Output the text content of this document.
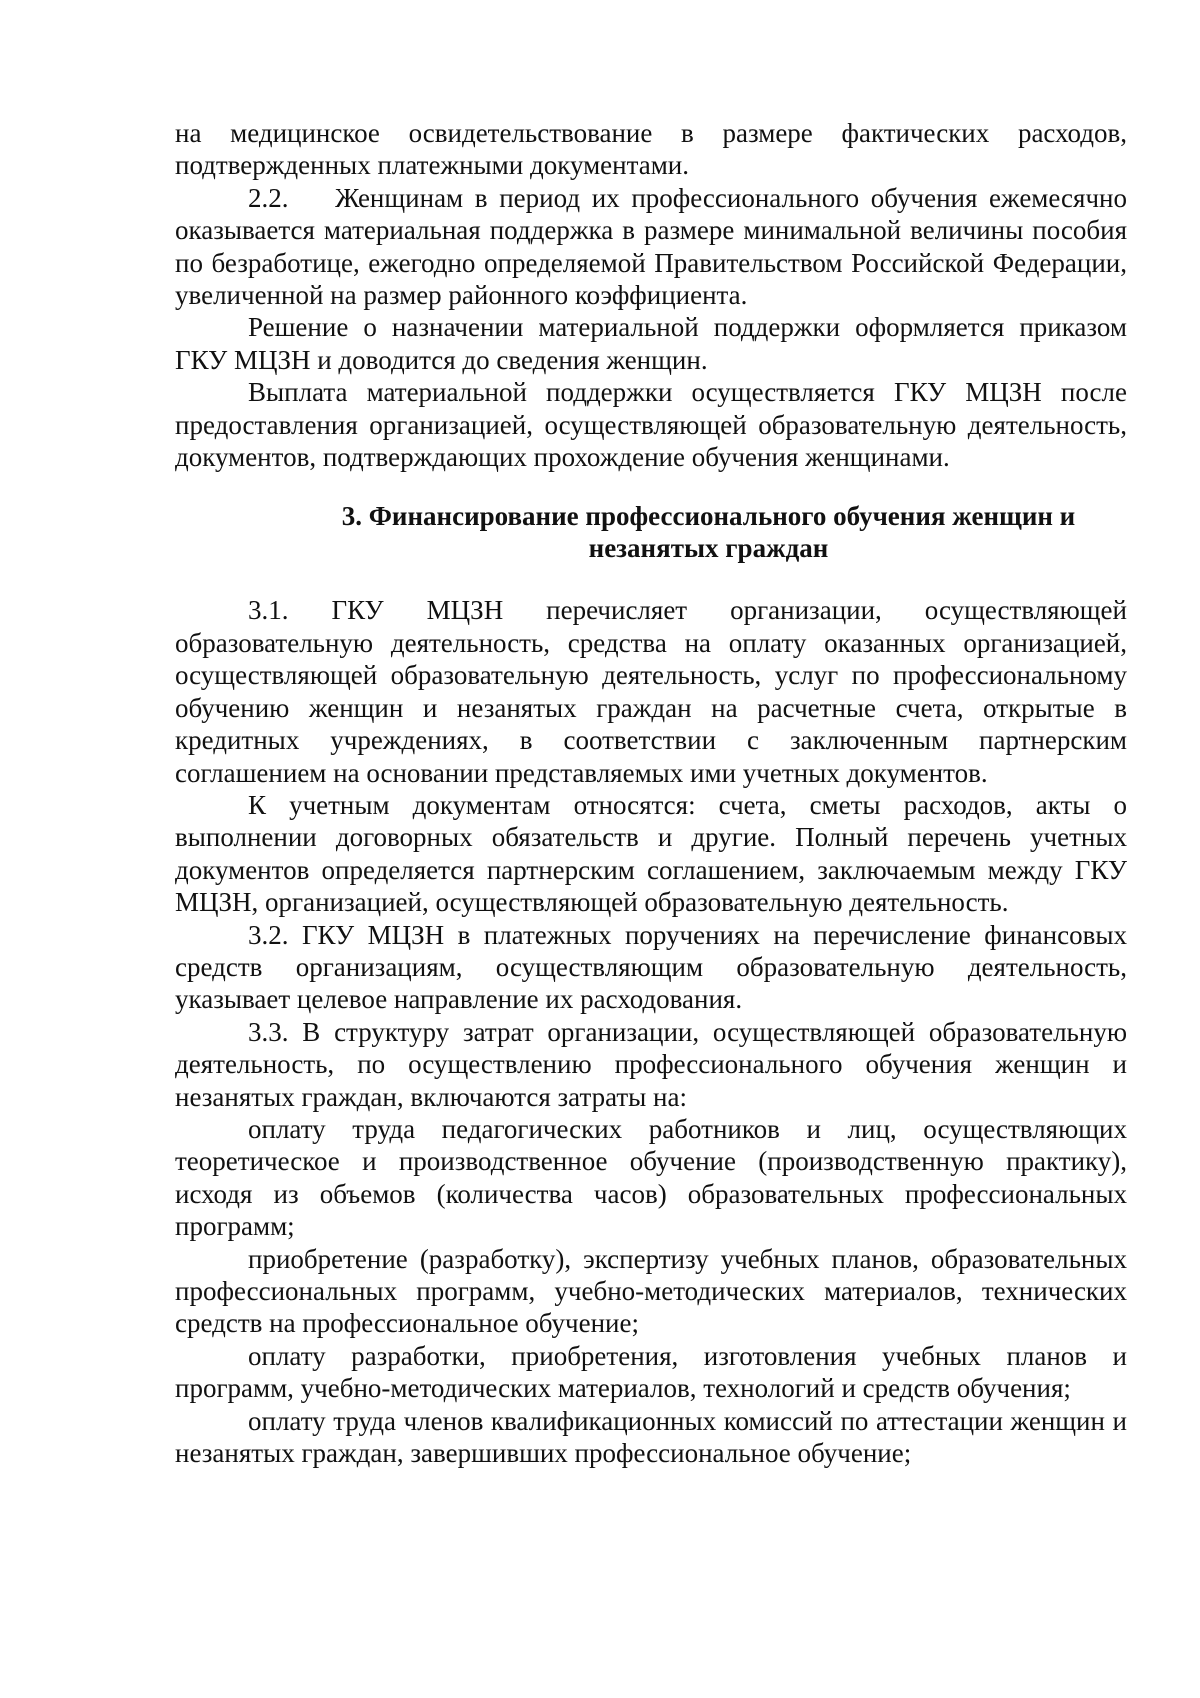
на медицинское освидетельствование в размере фактических расходов, подтвержденных платежными документами.

2.2.    Женщинам в период их профессионального обучения ежемесячно оказывается материальная поддержка в размере минимальной величины пособия по безработице, ежегодно определяемой Правительством Российской Федерации, увеличенной на размер районного коэффициента.

Решение о назначении материальной поддержки оформляется приказом ГКУ МЦЗН и доводится до сведения женщин.

Выплата материальной поддержки осуществляется ГКУ МЦЗН после предоставления организацией, осуществляющей образовательную деятельность, документов, подтверждающих прохождение обучения женщинами.

3. Финансирование профессионального обучения женщин и незанятых граждан

3.1. ГКУ МЦЗН перечисляет организации, осуществляющей образовательную деятельность, средства на оплату оказанных организацией, осуществляющей образовательную деятельность, услуг по профессиональному обучению женщин и незанятых граждан на расчетные счета, открытые в кредитных учреждениях, в соответствии с заключенным партнерским соглашением на основании представляемых ими учетных документов.

К учетным документам относятся: счета, сметы расходов, акты о выполнении договорных обязательств и другие. Полный перечень учетных документов определяется партнерским соглашением, заключаемым между ГКУ МЦЗН, организацией, осуществляющей образовательную деятельность.

3.2. ГКУ МЦЗН в платежных поручениях на перечисление финансовых средств организациям, осуществляющим образовательную деятельность, указывает целевое направление их расходования.

3.3. В структуру затрат организации, осуществляющей образовательную деятельность, по осуществлению профессионального обучения женщин и незанятых граждан, включаются затраты на:

оплату труда педагогических работников и лиц, осуществляющих теоретическое и производственное обучение (производственную практику), исходя из объемов (количества часов) образовательных профессиональных программ;

приобретение (разработку), экспертизу учебных планов, образовательных профессиональных программ, учебно-методических материалов, технических средств на профессиональное обучение;

оплату разработки, приобретения, изготовления учебных планов и программ, учебно-методических материалов, технологий и средств обучения;

оплату труда членов квалификационных комиссий по аттестации женщин и незанятых граждан, завершивших профессиональное обучение;
